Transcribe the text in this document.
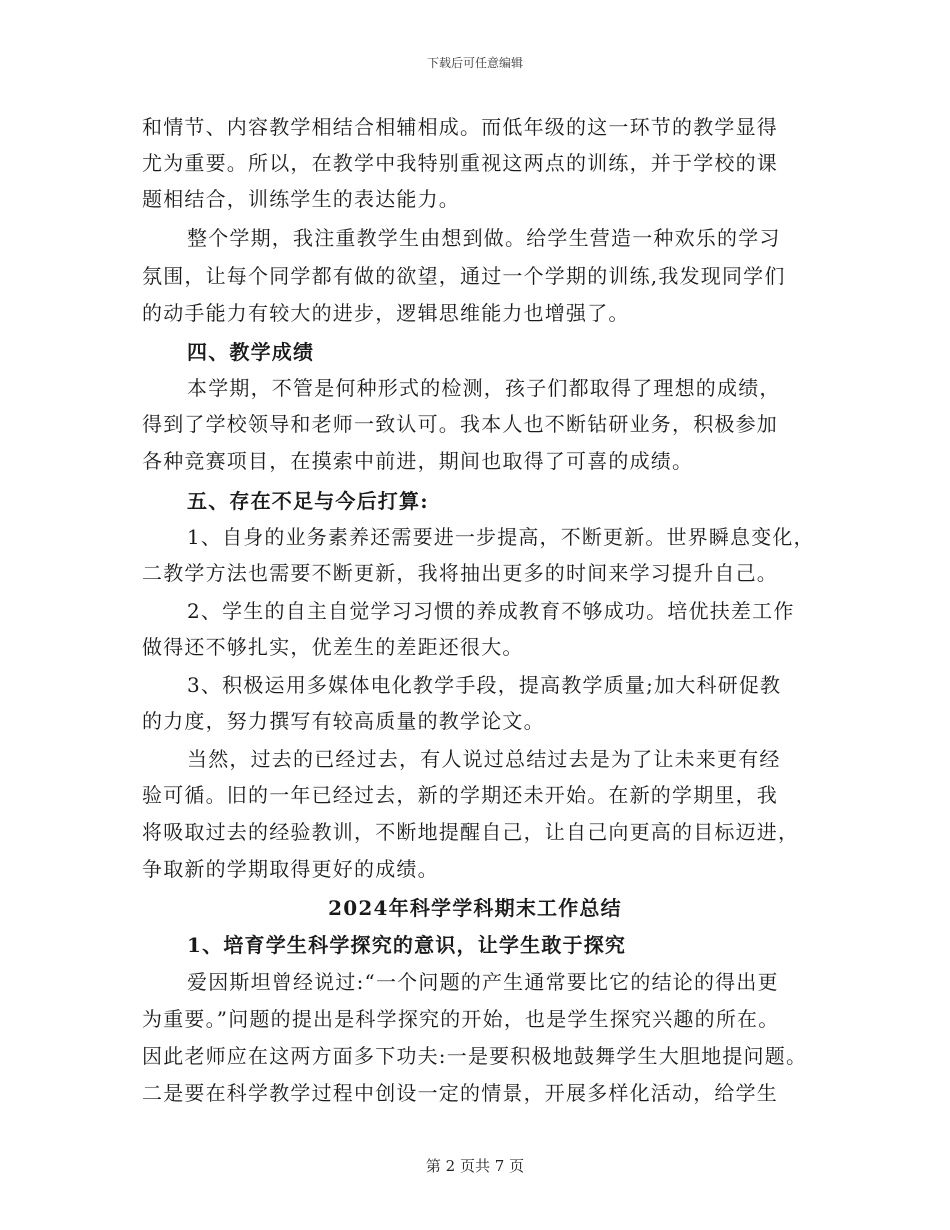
下载后可任意编辑
和情节、内容教学相结合相辅相成。而低年级的这一环节的教学显得
尤为重要。所以，在教学中我特别重视这两点的训练，并于学校的课
题相结合，训练学生的表达能力。
整个学期，我注重教学生由想到做。给学生营造一种欢乐的学习
氛围，让每个同学都有做的欲望，通过一个学期的训练,我发现同学们
的动手能力有较大的进步，逻辑思维能力也增强了。
四、教学成绩
本学期，不管是何种形式的检测，孩子们都取得了理想的成绩，
得到了学校领导和老师一致认可。我本人也不断钻研业务，积极参加
各种竞赛项目，在摸索中前进，期间也取得了可喜的成绩。
五、存在不足与今后打算:
1、自身的业务素养还需要进一步提高，不断更新。世界瞬息变化，
二教学方法也需要不断更新，我将抽出更多的时间来学习提升自己。
2、学生的自主自觉学习习惯的养成教育不够成功。培优扶差工作
做得还不够扎实，优差生的差距还很大。
3、积极运用多媒体电化教学手段，提高教学质量;加大科研促教
的力度，努力撰写有较高质量的教学论文。
当然，过去的已经过去，有人说过总结过去是为了让未来更有经
验可循。旧的一年已经过去，新的学期还未开始。在新的学期里，我
将吸取过去的经验教训，不断地提醒自己，让自己向更高的目标迈进，
争取新的学期取得更好的成绩。
2024年科学学科期末工作总结
1、培育学生科学探究的意识，让学生敢于探究
爱因斯坦曾经说过:“一个问题的产生通常要比它的结论的得出更
为重要。”问题的提出是科学探究的开始，也是学生探究兴趣的所在。
因此老师应在这两方面多下功夫:一是要积极地鼓舞学生大胆地提问题。
二是要在科学教学过程中创设一定的情景，开展多样化活动，给学生
第 2 页共 7 页
